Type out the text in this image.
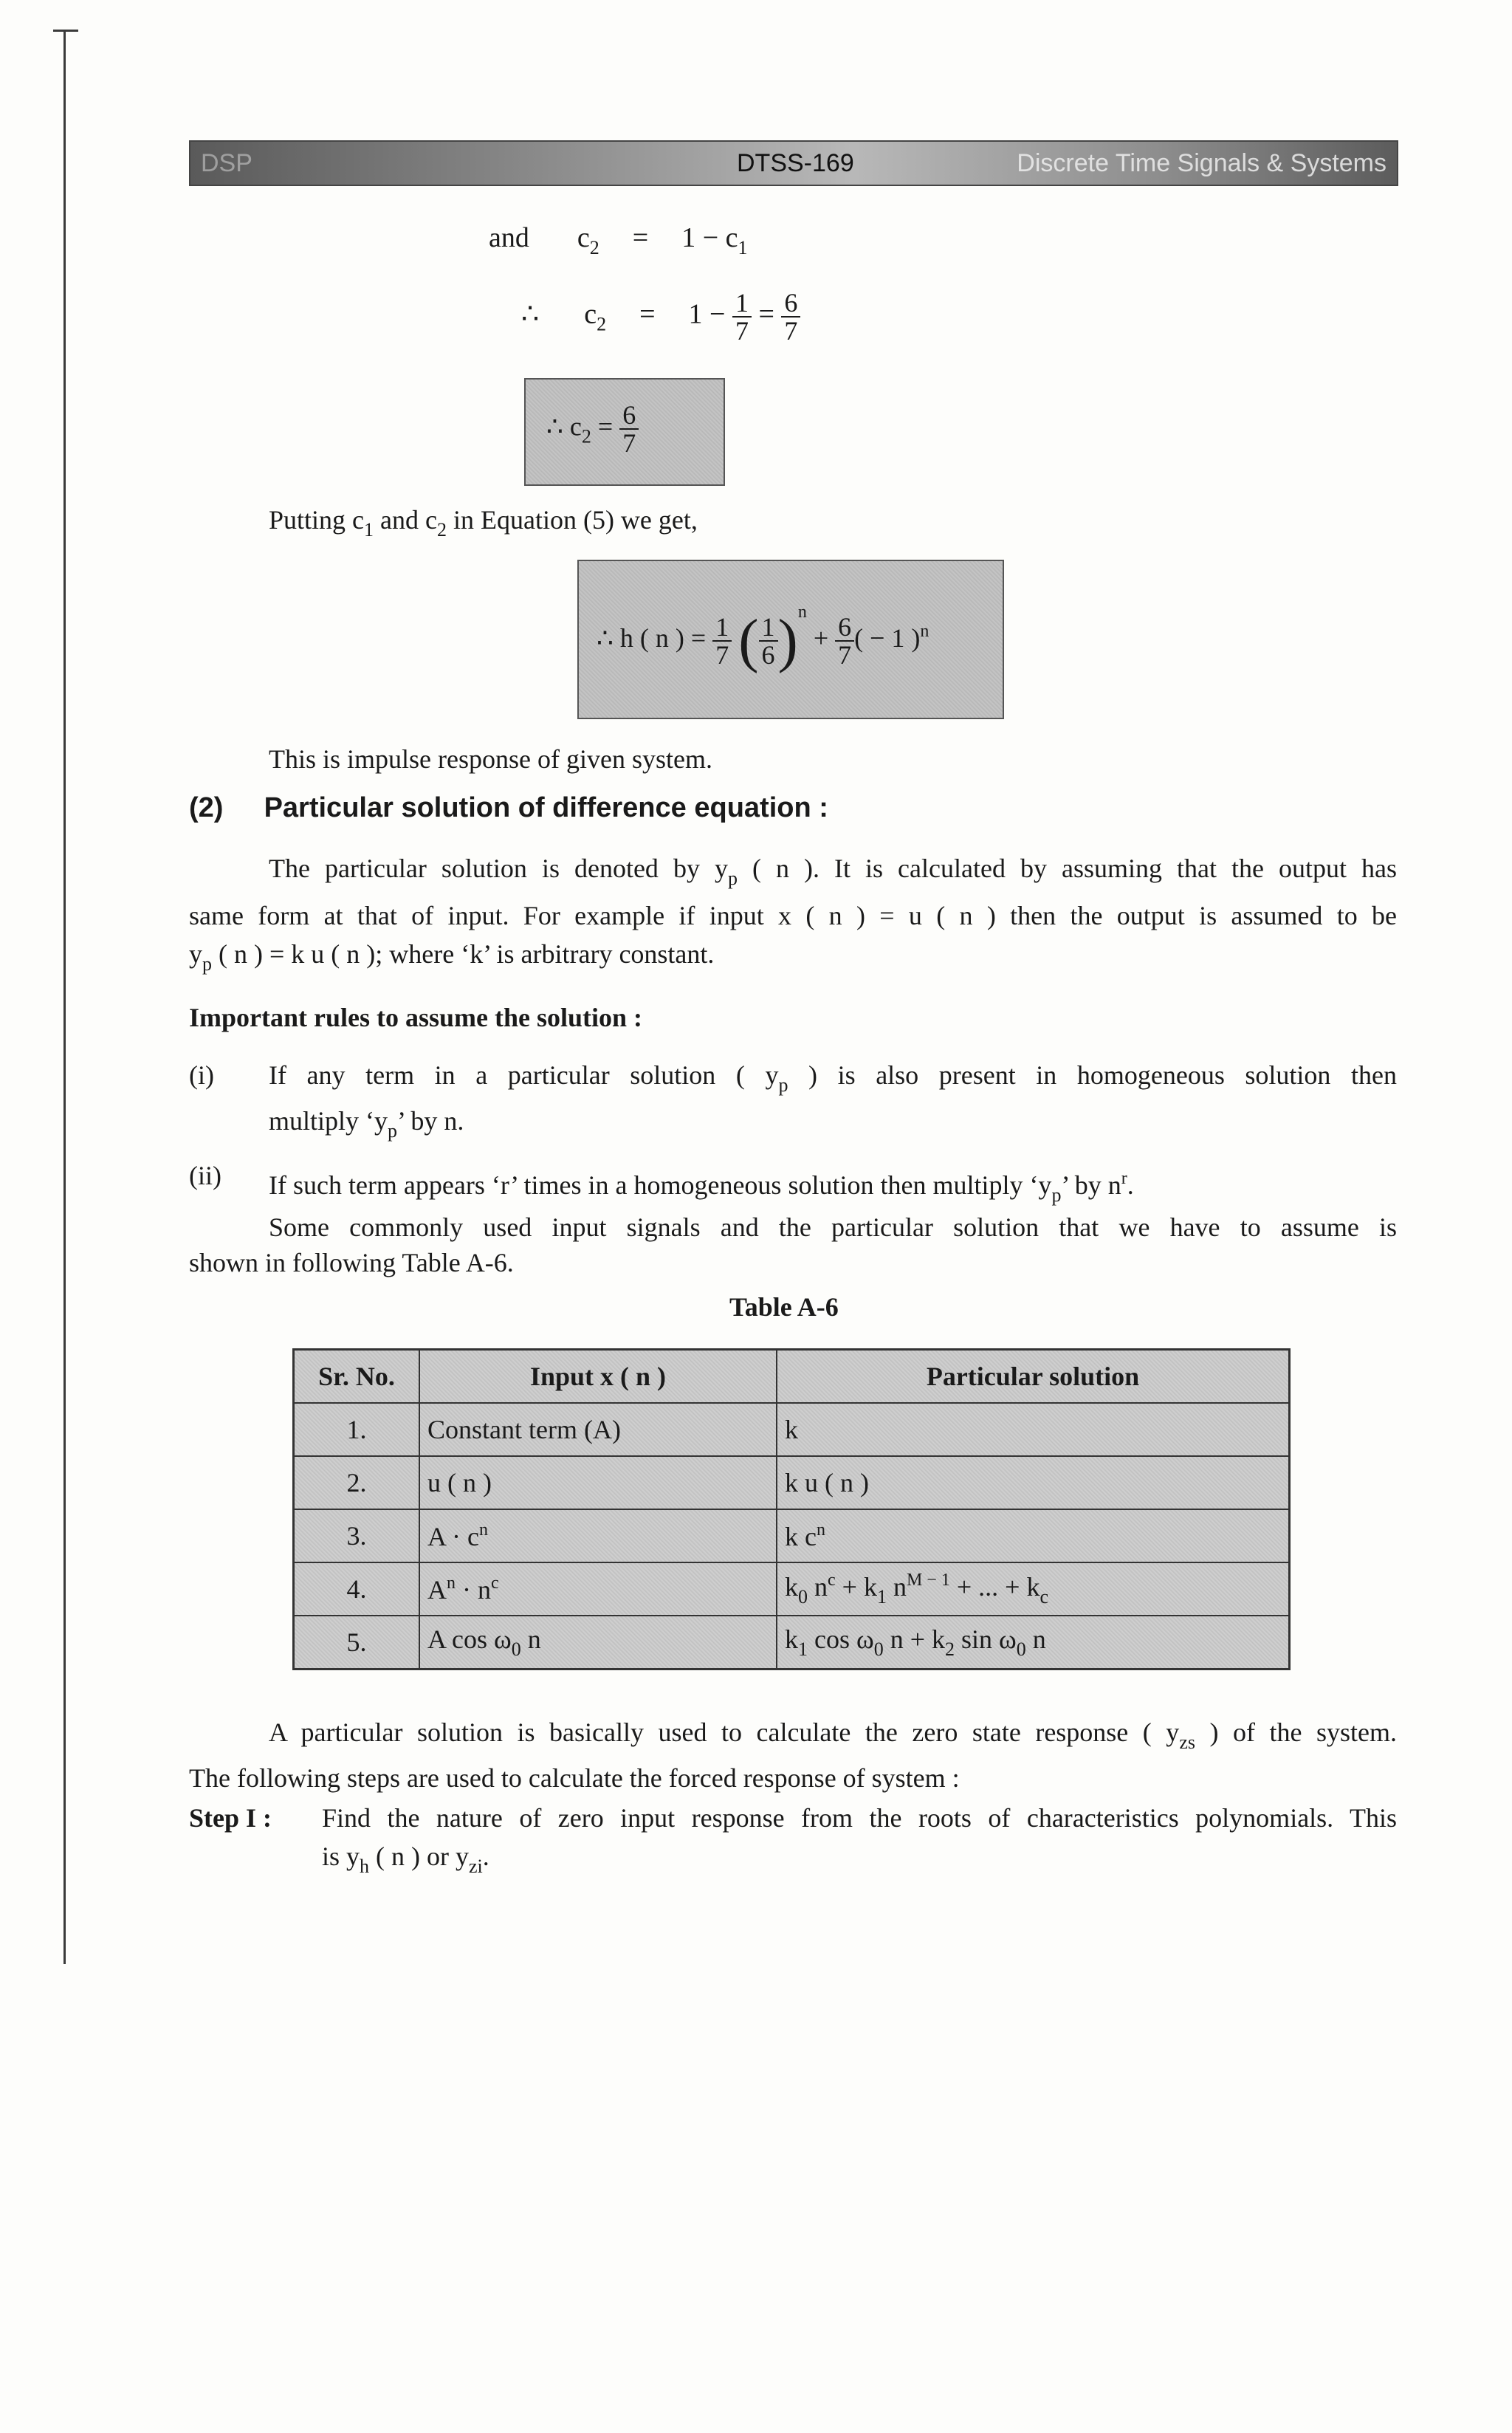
DSP	DTSS-169	Discrete Time Signals & Systems
and $c_2 = 1 - c_1$
∴ $c_2 = 1 - \frac{1}{7} = \frac{6}{7}$
∴ $c_2 = \frac{6}{7}$
Putting $c_1$ and $c_2$ in Equation (5) we get,
∴ h ( n ) = $\frac{1}{7}$ ( $\frac{1}{6} )^n + \frac{6}{7}$ ( − 1 )$^n$
This is impulse response of given system.
(2) Particular solution of difference equation :
The particular solution is denoted by $y_p$ ( n ). It is calculated by assuming that the output has
same form at that of input. For example if input x ( n ) = u ( n ) then the output is assumed to be
$y_p$ ( n ) = k u ( n ); where ‘k’ is arbitrary constant.
Important rules to assume the solution :
(i) If any term in a particular solution ( $y_p$ ) is also present in homogeneous solution then
multiply ‘$y_p$’ by n.
(ii) If such term appears ‘r’ times in a homogeneous solution then multiply ‘$y_p$’ by $n^r$.
Some commonly used input signals and the particular solution that we have to assume is
shown in following Table A-6.
Table A-6
Sr. No.	Input x ( n )	Particular solution
1.	Constant term (A)	k
2.	u ( n )	k u ( n )
3.	$A \cdot c^n$	k $c^n$
4.	$A^n \cdot n^c$	$k_0$ $n^c + k_1$ $n^{M - 1}$ + ... + $k_c$
5.	A $\cos \omega_0$ n	$k_1$ $\cos \omega_0$ $n + k_2$ $\sin \omega_0$ n
A particular solution is basically used to calculate the zero state response ( $y_{zs}$ ) of the system.
The following steps are used to calculate the forced response of system :
Step I : Find the nature of zero input response from the roots of characteristics polynomials. This
is $y_h$ ( n ) or $y_{zi}$.
